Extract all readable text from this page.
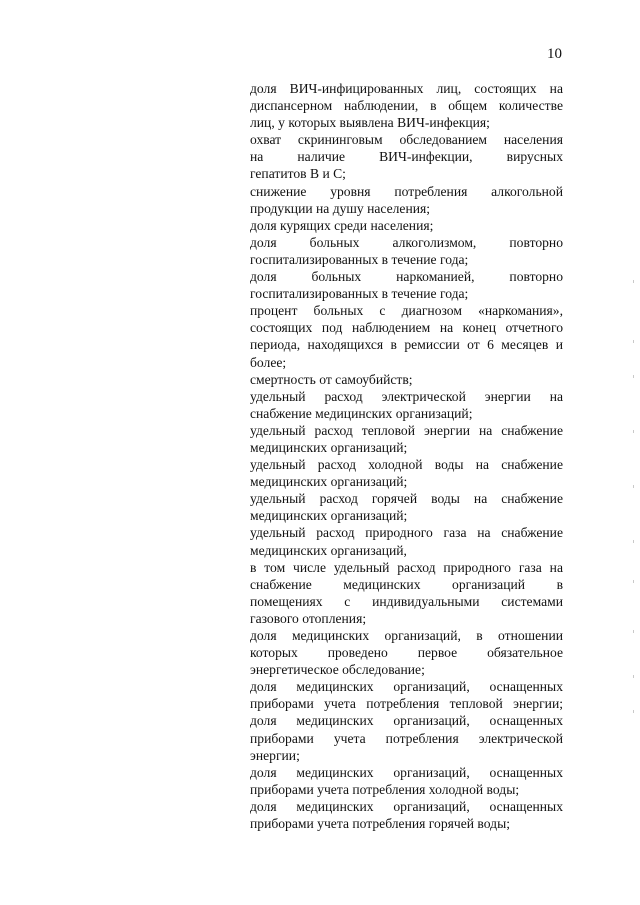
10
доля ВИЧ-инфицированных лиц, состоящих на
диспансерном наблюдении, в общем количестве
лиц, у которых выявлена ВИЧ-инфекция;
охват скрининговым обследованием населения
на наличие ВИЧ-инфекции, вирусных
гепатитов В и С;
снижение уровня потребления алкогольной
продукции на душу населения;
доля курящих среди населения;
доля больных алкоголизмом, повторно
госпитализированных в течение года;
доля больных наркоманией, повторно
госпитализированных в течение года;
процент больных с диагнозом «наркомания»,
состоящих под наблюдением на конец отчетного
периода, находящихся в ремиссии от 6 месяцев и
более;
смертность от самоубийств;
удельный расход электрической энергии на
снабжение медицинских организаций;
удельный расход тепловой энергии на снабжение
медицинских организаций;
удельный расход холодной воды на снабжение
медицинских организаций;
удельный расход горячей воды на снабжение
медицинских организаций;
удельный расход природного газа на снабжение
медицинских организаций,
в том числе удельный расход природного газа на
снабжение медицинских организаций в
помещениях с индивидуальными системами
газового отопления;
доля медицинских организаций, в отношении
которых проведено первое обязательное
энергетическое обследование;
доля медицинских организаций, оснащенных
приборами учета потребления тепловой энергии;
доля медицинских организаций, оснащенных
приборами учета потребления электрической
энергии;
доля медицинских организаций, оснащенных
приборами учета потребления холодной воды;
доля медицинских организаций, оснащенных
приборами учета потребления горячей воды;
